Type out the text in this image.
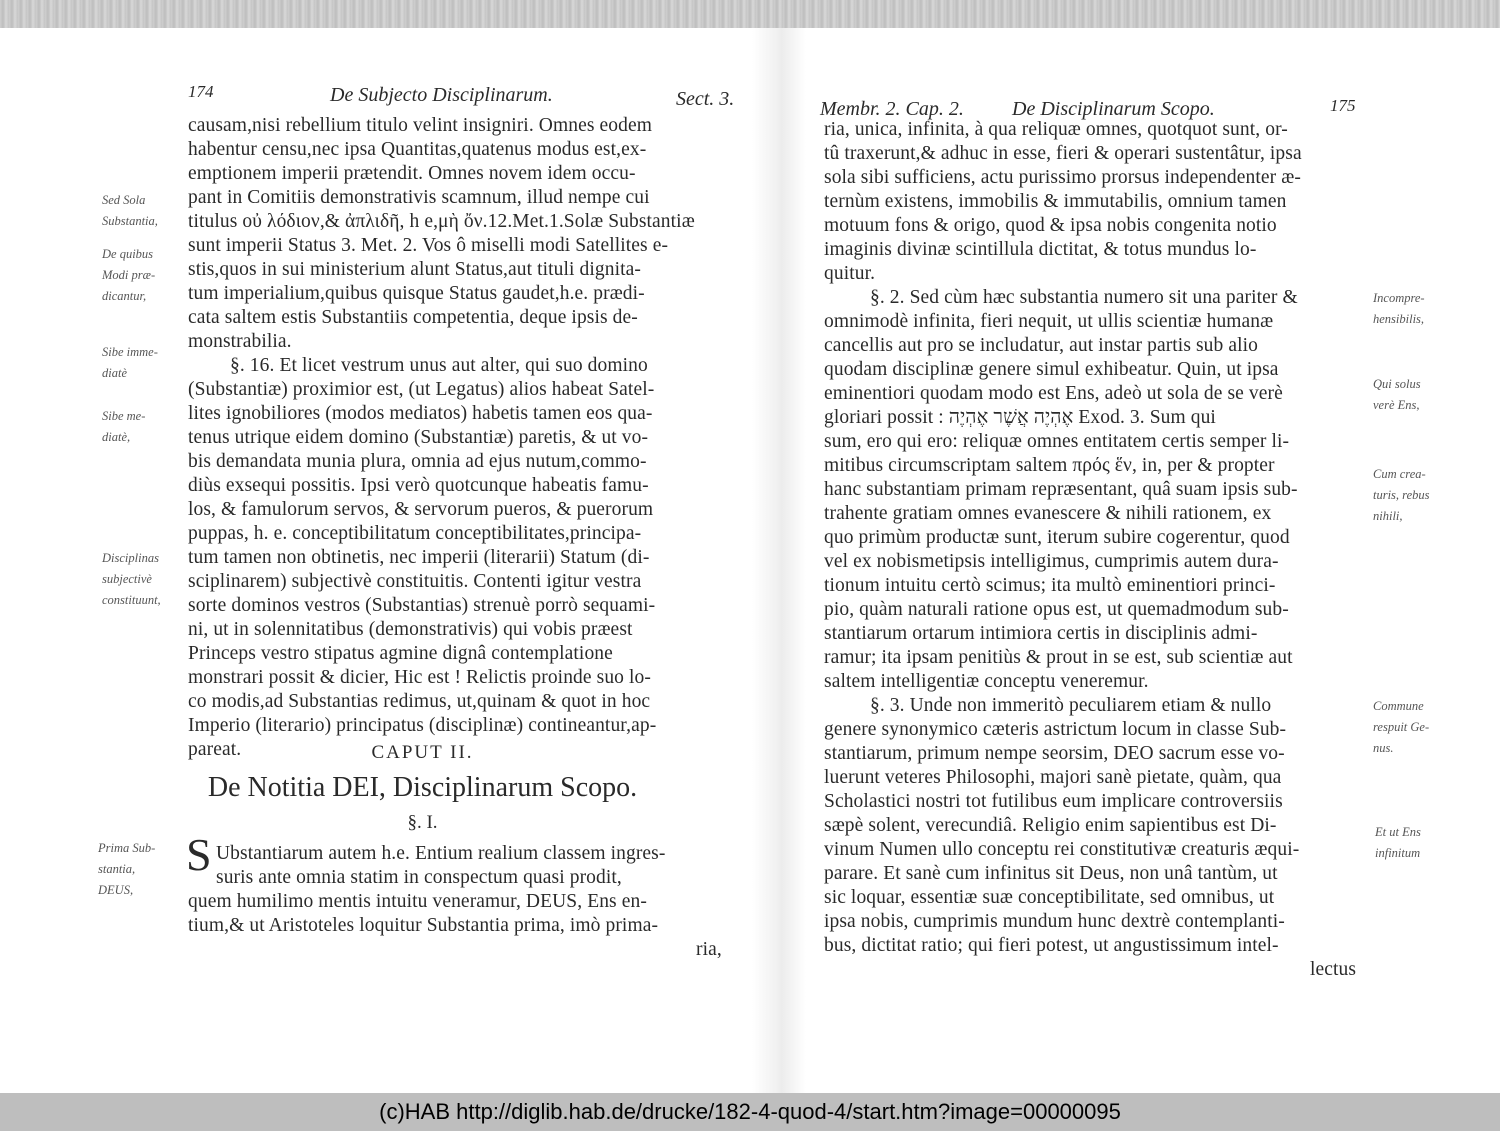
174	De Subjecto Disciplinarum.	Sect. 3.
Sed Sola
Substantia,
De quibus
Modi præ-
dicantur,
Sibe imme-
diatè
Sibe me-
diatè,
Disciplinas
subjectivè
constituunt,
Prima Sub-
stantia,
DEUS,
causam,nisi rebellium titulo velint insigniri. Omnes eodem
habentur censu,nec ipsa Quantitas,quatenus modus est,ex-
emptionem imperii prætendit. Omnes novem idem occu-
pant in Comitiis demonstrativis scamnum, illud nempe cui
titulus οὐ λόδιον,& ἀπλιδῆ, h e,μὴ ὄν.12.Met.1.Solæ Substantiæ
sunt imperii Status 3. Met. 2. Vos ô miselli modi Satellites e-
stis,quos in sui ministerium alunt Status,aut tituli dignita-
tum imperialium,quibus quisque Status gaudet,h.e. prædi-
cata saltem estis Substantiis competentia, deque ipsis de-
monstrabilia.
§. 16. Et licet vestrum unus aut alter, qui suo domino
(Substantiæ) proximior est, (ut Legatus) alios habeat Satel-
lites ignobiliores (modos mediatos) habetis tamen eos qua-
tenus utrique eidem domino (Substantiæ) paretis, & ut vo-
bis demandata munia plura, omnia ad ejus nutum,commo-
diùs exsequi possitis. Ipsi verò quotcunque habeatis famu-
los, & famulorum servos, & servorum pueros, & puerorum
puppas, h. e. conceptibilitatum conceptibilitates,principa-
tum tamen non obtinetis, nec imperii (literarii) Statum (di-
sciplinarem) subjectivè constituitis. Contenti igitur vestra
sorte dominos vestros (Substantias) strenuè porrò sequami-
ni, ut in solennitatibus (demonstrativis) qui vobis præest
Princeps vestro stipatus agmine dignâ contemplatione
monstrari possit & dicier, Hic est ! Relictis proinde suo lo-
co modis,ad Substantias redimus, ut,quinam & quot in hoc
Imperio (literario) principatus (disciplinæ) contineantur,ap-
pareat.	CAPUT II.
De Notitia DEI, Disciplinarum Scopo.
§. I.
S Ubstantiarum autem h.e. Entium realium classem ingres-
suris ante omnia statim in conspectum quasi prodit,
quem humilimo mentis intuitu veneramur, DEUS, Ens en-
tium,& ut Aristoteles loquitur Substantia prima, imò prima-
ria,
Membr. 2. Cap. 2. De Disciplinarum Scopo.	175
Incompre-
hensibilis,
Qui solus
verè Ens,
Cum crea-
turis, rebus
nihili,
Commune
respuit Ge-
nus.
Et ut Ens
infinitum
ria, unica, infinita, à qua reliquæ omnes, quotquot sunt, or-
tû traxerunt,& adhuc in esse, fieri & operari sustentâtur, ipsa
sola sibi sufficiens, actu purissimo prorsus independenter æ-
ternùm existens, immobilis & immutabilis, omnium tamen
motuum fons & origo, quod & ipsa nobis congenita notio
imaginis divinæ scintillula dictitat, & totus mundus lo-
quitur.
§. 2. Sed cùm hæc substantia numero sit una pariter &
omnimodè infinita, fieri nequit, ut ullis scientiæ humanæ
cancellis aut pro se includatur, aut instar partis sub alio
quodam disciplinæ genere simul exhibeatur. Quin, ut ipsa
eminentiori quodam modo est Ens, adeò ut sola de se verè
gloriari possit : אֶהְיֶה אֲשֶׁר אֶהְיֶה Exod. 3. Sum qui
sum, ero qui ero: reliquæ omnes entitatem certis semper li-
mitibus circumscriptam saltem πρός ἕν, in, per & propter
hanc substantiam primam repræsentant, quâ suam ipsis sub-
trahente gratiam omnes evanescere & nihili rationem, ex
quo primùm productæ sunt, iterum subire cogerentur, quod
vel ex nobismetipsis intelligimus, cumprimis autem dura-
tionum intuitu certò scimus; ita multò eminentiori princi-
pio, quàm naturali ratione opus est, ut quemadmodum sub-
stantiarum ortarum intimiora certis in disciplinis admi-
ramur; ita ipsam penitiùs & prout in se est, sub scientiæ aut
saltem intelligentiæ conceptu veneremur.
§. 3. Unde non immeritò peculiarem etiam & nullo
genere synonymico cæteris astrictum locum in classe Sub-
stantiarum, primum nempe seorsim, DEO sacrum esse vo-
luerunt veteres Philosophi, majori sanè pietate, quàm, qua
Scholastici nostri tot futilibus eum implicare controversiis
sæpè solent, verecundiâ. Religio enim sapientibus est Di-
vinum Numen ullo conceptu rei constitutivæ creaturis æqui-
parare. Et sanè cum infinitus sit Deus, non unâ tantùm, ut
sic loquar, essentiæ suæ conceptibilitate, sed omnibus, ut
ipsa nobis, cumprimis mundum hunc dextrè contemplanti-
bus, dictitat ratio; qui fieri potest, ut angustissimum intel-
lectus
(c)HAB http://diglib.hab.de/drucke/182-4-quod-4/start.htm?image=00000095
